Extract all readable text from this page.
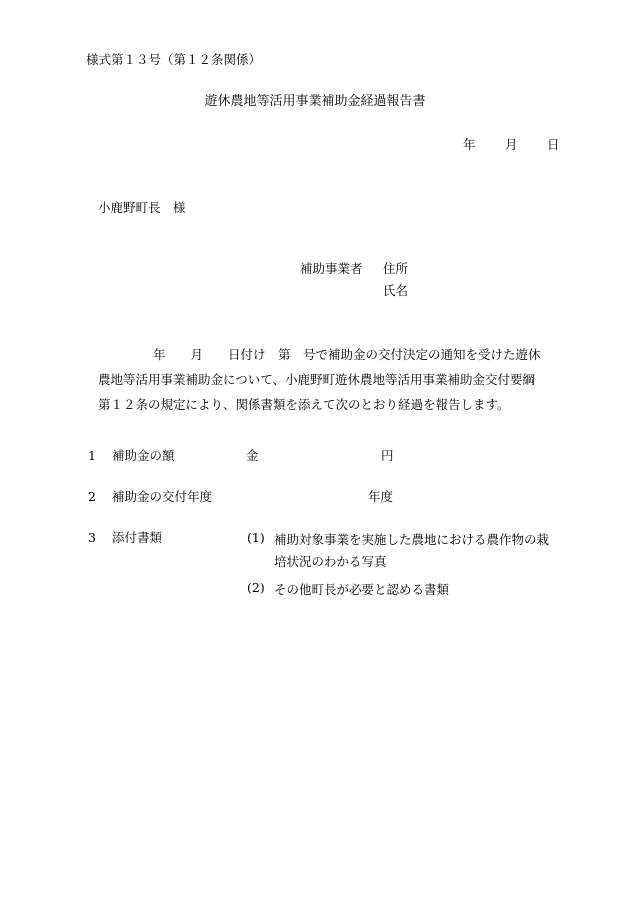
様式第１３号（第１２条関係）
遊休農地等活用事業補助金経過報告書
年 月 日
小鹿野町長　様
補助事業者 住所
氏名
年　　月　　日付け　第　号で補助金の交付決定の通知を受けた遊休
農地等活用事業補助金について、小鹿野町遊休農地等活用事業補助金交付要綱
第１２条の規定により、関係書類を添えて次のとおり経過を報告します。
1 補助金の額	金	円
2 補助金の交付年度	年度
3 添付書類	(1) 補助対象事業を実施した農地における農作物の栽
培状況のわかる写真
(2) その他町長が必要と認める書類
